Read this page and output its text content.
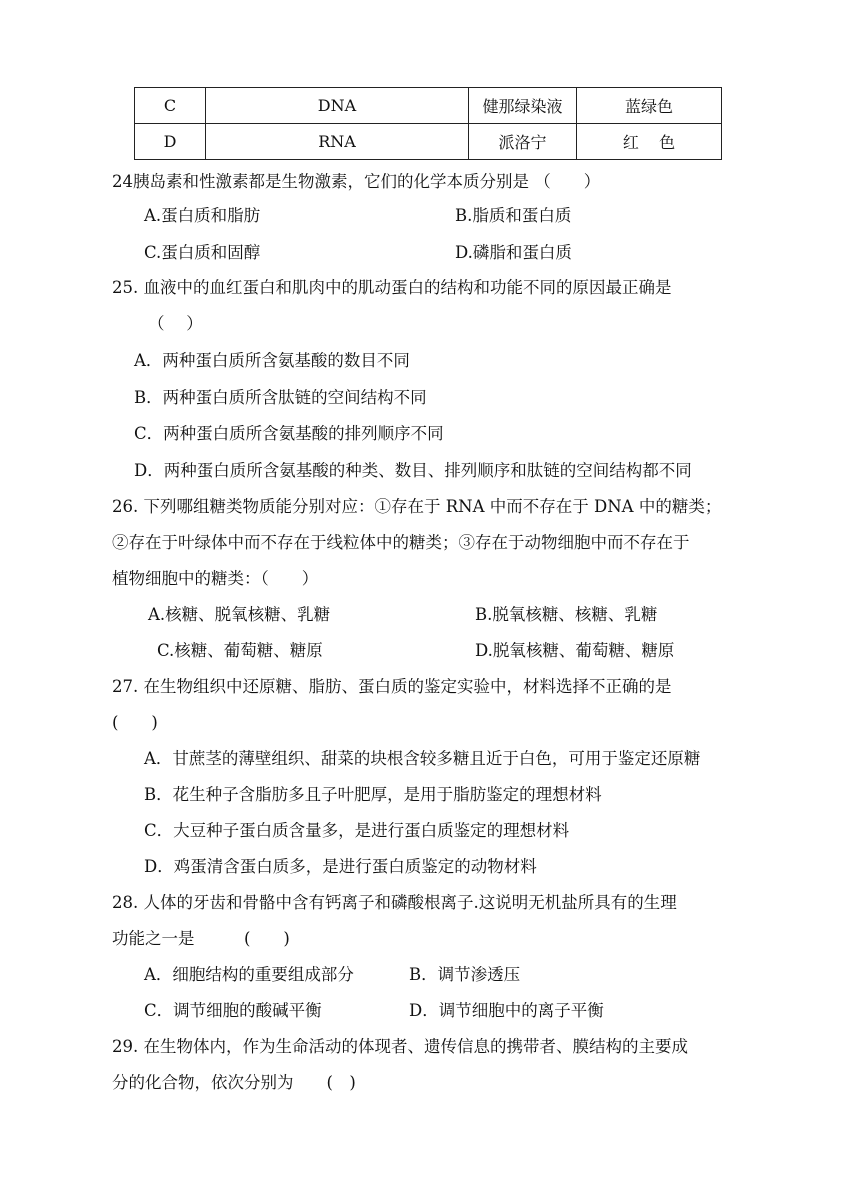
C	DNA	健那绿染液	蓝绿色
D	RNA	派洛宁	红    色
24胰岛素和性激素都是生物激素，它们的化学本质分别是 （　　）
A.蛋白质和脂肪	B.脂质和蛋白质
C.蛋白质和固醇	D.磷脂和蛋白质
25. 血液中的血红蛋白和肌肉中的肌动蛋白的结构和功能不同的原因最正确是
（　 ）
A．两种蛋白质所含氨基酸的数目不同
B．两种蛋白质所含肽链的空间结构不同
C．两种蛋白质所含氨基酸的排列顺序不同
D．两种蛋白质所含氨基酸的种类、数目、排列顺序和肽链的空间结构都不同
26. 下列哪组糖类物质能分别对应：①存在于 RNA 中而不存在于 DNA 中的糖类；
②存在于叶绿体中而不存在于线粒体中的糖类；③存在于动物细胞中而不存在于
植物细胞中的糖类：（　　）
A.核糖、脱氧核糖、乳糖	B.脱氧核糖、核糖、乳糖
C.核糖、葡萄糖、糖原	D.脱氧核糖、葡萄糖、糖原
27. 在生物组织中还原糖、脂肪、蛋白质的鉴定实验中，材料选择不正确的是
(　　)
A．甘蔗茎的薄壁组织、甜菜的块根含较多糖且近于白色，可用于鉴定还原糖
B．花生种子含脂肪多且子叶肥厚，是用于脂肪鉴定的理想材料
C．大豆种子蛋白质含量多，是进行蛋白质鉴定的理想材料
D．鸡蛋清含蛋白质多，是进行蛋白质鉴定的动物材料
28. 人体的牙齿和骨骼中含有钙离子和磷酸根离子.这说明无机盐所具有的生理
功能之一是　　　(　　)
A．细胞结构的重要组成部分	B．调节渗透压
C．调节细胞的酸碱平衡	D．调节细胞中的离子平衡
29. 在生物体内，作为生命活动的体现者、遗传信息的携带者、膜结构的主要成
分的化合物，依次分别为　　(　)
